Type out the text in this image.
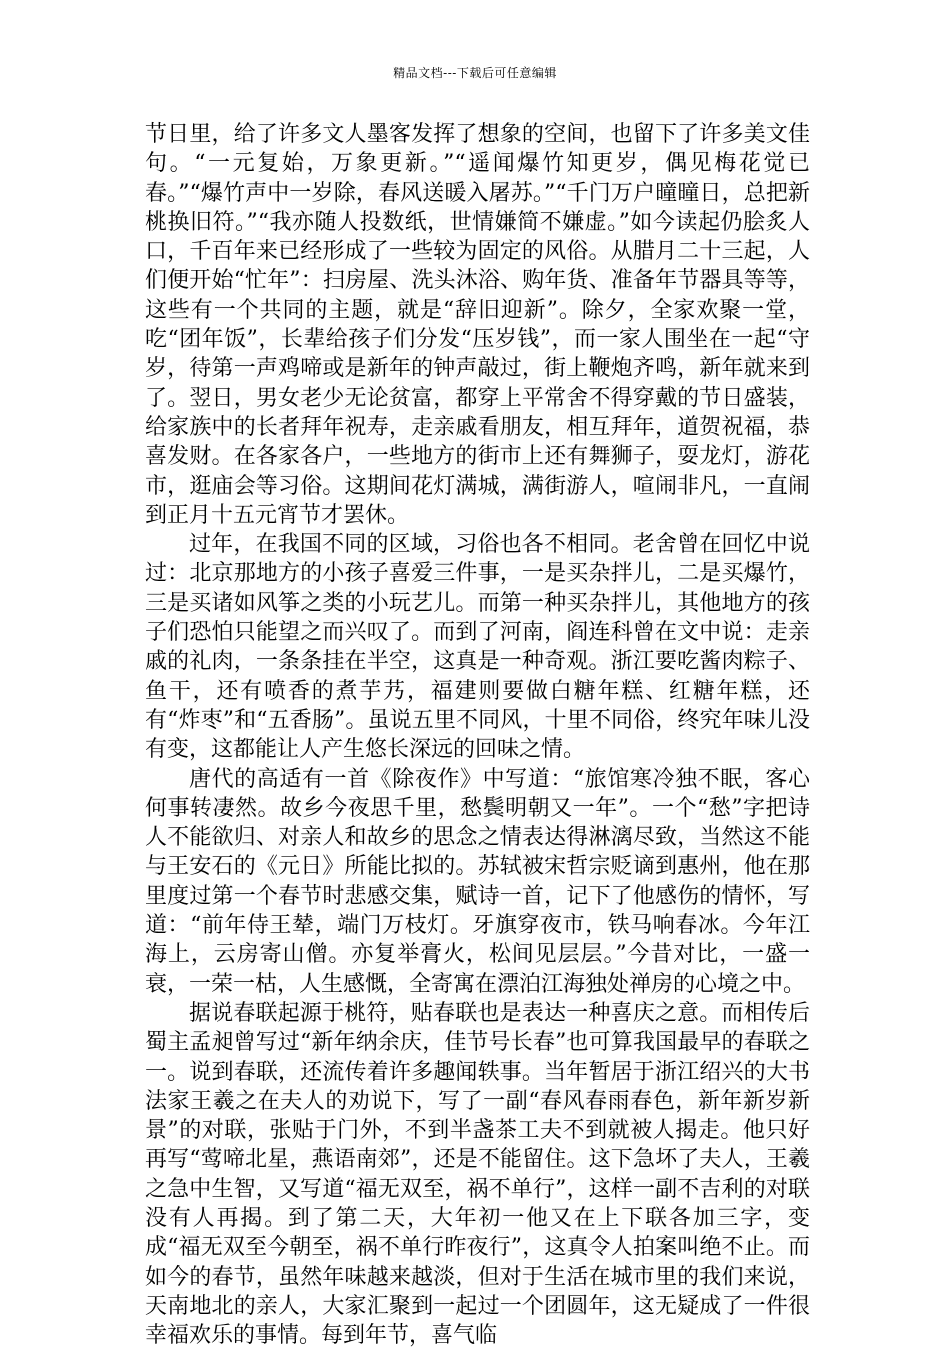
精品文档---下载后可任意编辑

节日里，给了许多文人墨客发挥了想象的空间，也留下了许多美文佳句。“一元复始，万象更新。”“遥闻爆竹知更岁，偶见梅花觉已春。”“爆竹声中一岁除，春风送暖入屠苏。”“千门万户曈曈日，总把新桃换旧符。”“我亦随人投数纸，世情嫌简不嫌虚。”如今读起仍脍炙人口，千百年来已经形成了一些较为固定的风俗。从腊月二十三起，人们便开始“忙年”：扫房屋、洗头沐浴、购年货、准备年节器具等等，这些有一个共同的主题，就是“辞旧迎新”。除夕，全家欢聚一堂，吃“团年饭”，长辈给孩子们分发“压岁钱”，而一家人围坐在一起“守岁，待第一声鸡啼或是新年的钟声敲过，街上鞭炮齐鸣，新年就来到了。翌日，男女老少无论贫富，都穿上平常舍不得穿戴的节日盛装，给家族中的长者拜年祝寿，走亲戚看朋友，相互拜年，道贺祝福，恭喜发财。在各家各户，一些地方的街市上还有舞狮子，耍龙灯，游花市，逛庙会等习俗。这期间花灯满城，满街游人，喧闹非凡，一直闹到正月十五元宵节才罢休。

过年，在我国不同的区域，习俗也各不相同。老舍曾在回忆中说过：北京那地方的小孩子喜爱三件事，一是买杂拌儿，二是买爆竹，三是买诸如风筝之类的小玩艺儿。而第一种买杂拌儿，其他地方的孩子们恐怕只能望之而兴叹了。而到了河南，阎连科曾在文中说：走亲戚的礼肉，一条条挂在半空，这真是一种奇观。浙江要吃酱肉粽子、鱼干，还有喷香的煮芋艿，福建则要做白糖年糕、红糖年糕，还有“炸枣”和“五香肠”。虽说五里不同风，十里不同俗，终究年味儿没有变，这都能让人产生悠长深远的回味之情。

唐代的高适有一首《除夜作》中写道：“旅馆寒冷独不眠，客心何事转凄然。故乡今夜思千里，愁鬓明朝又一年”。一个“愁”字把诗人不能欲归、对亲人和故乡的思念之情表达得淋漓尽致，当然这不能与王安石的《元日》所能比拟的。苏轼被宋哲宗贬谪到惠州，他在那里度过第一个春节时悲感交集，赋诗一首，记下了他感伤的情怀，写道：“前年侍王辇，端门万枝灯。牙旗穿夜市，铁马响春冰。今年江海上，云房寄山僧。亦复举膏火，松间见层层。”今昔对比，一盛一衰，一荣一枯，人生感慨，全寄寓在漂泊江海独处禅房的心境之中。

据说春联起源于桃符，贴春联也是表达一种喜庆之意。而相传后蜀主孟昶曾写过“新年纳余庆，佳节号长春”也可算我国最早的春联之一。说到春联，还流传着许多趣闻轶事。当年暂居于浙江绍兴的大书法家王羲之在夫人的劝说下，写了一副“春风春雨春色，新年新岁新景”的对联，张贴于门外，不到半盏茶工夫不到就被人揭走。他只好再写“莺啼北星，燕语南郊”，还是不能留住。这下急坏了夫人，王羲之急中生智，又写道“福无双至，祸不单行”，这样一副不吉利的对联没有人再揭。到了第二天，大年初一他又在上下联各加三字，变成“福无双至今朝至，祸不单行昨夜行”，这真令人拍案叫绝不止。而如今的春节，虽然年味越来越淡，但对于生活在城市里的我们来说，天南地北的亲人，大家汇聚到一起过一个团圆年，这无疑成了一件很幸福欢乐的事情。每到年节，喜气临
